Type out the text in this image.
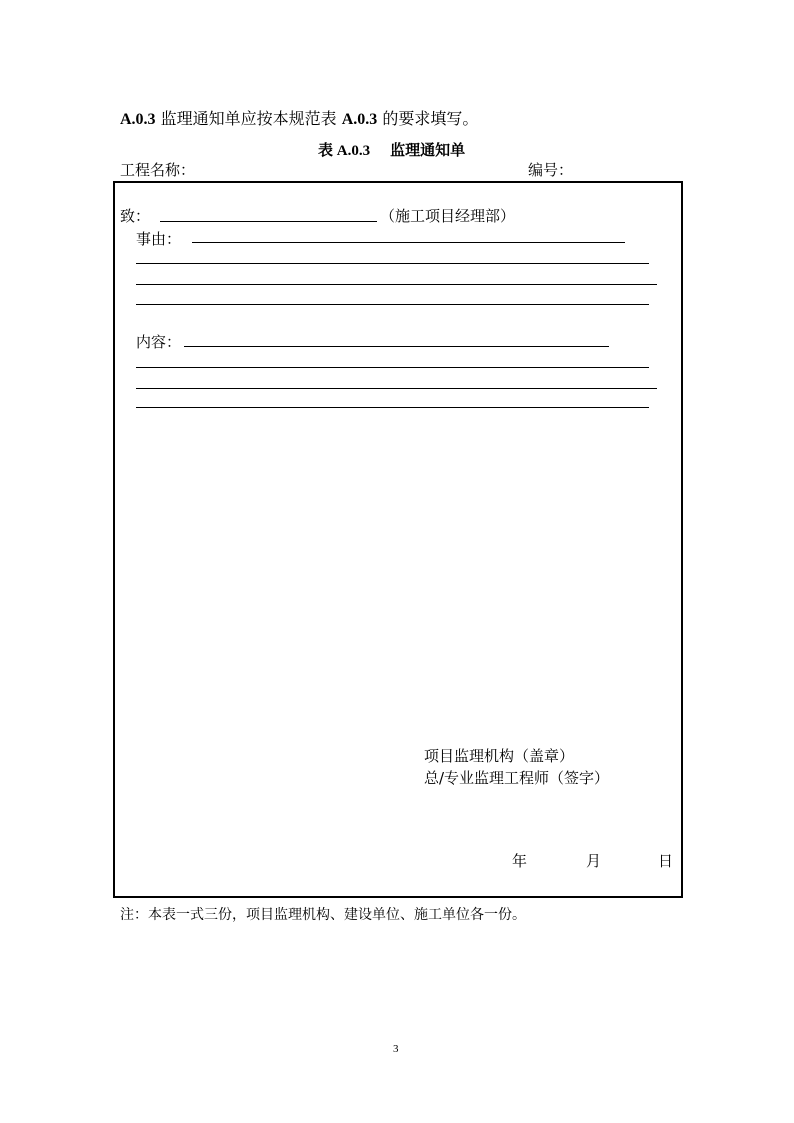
A.0.3 监理通知单应按本规范表 A.0.3 的要求填写。
表 A.0.3 监理通知单
工程名称：	编号：
致：	（施工项目经理部）
事由：
内容：
项目监理机构（盖章）
总/专业监理工程师（签字）
年	月	日
注：本表一式三份，项目监理机构、建设单位、施工单位各一份。
3
